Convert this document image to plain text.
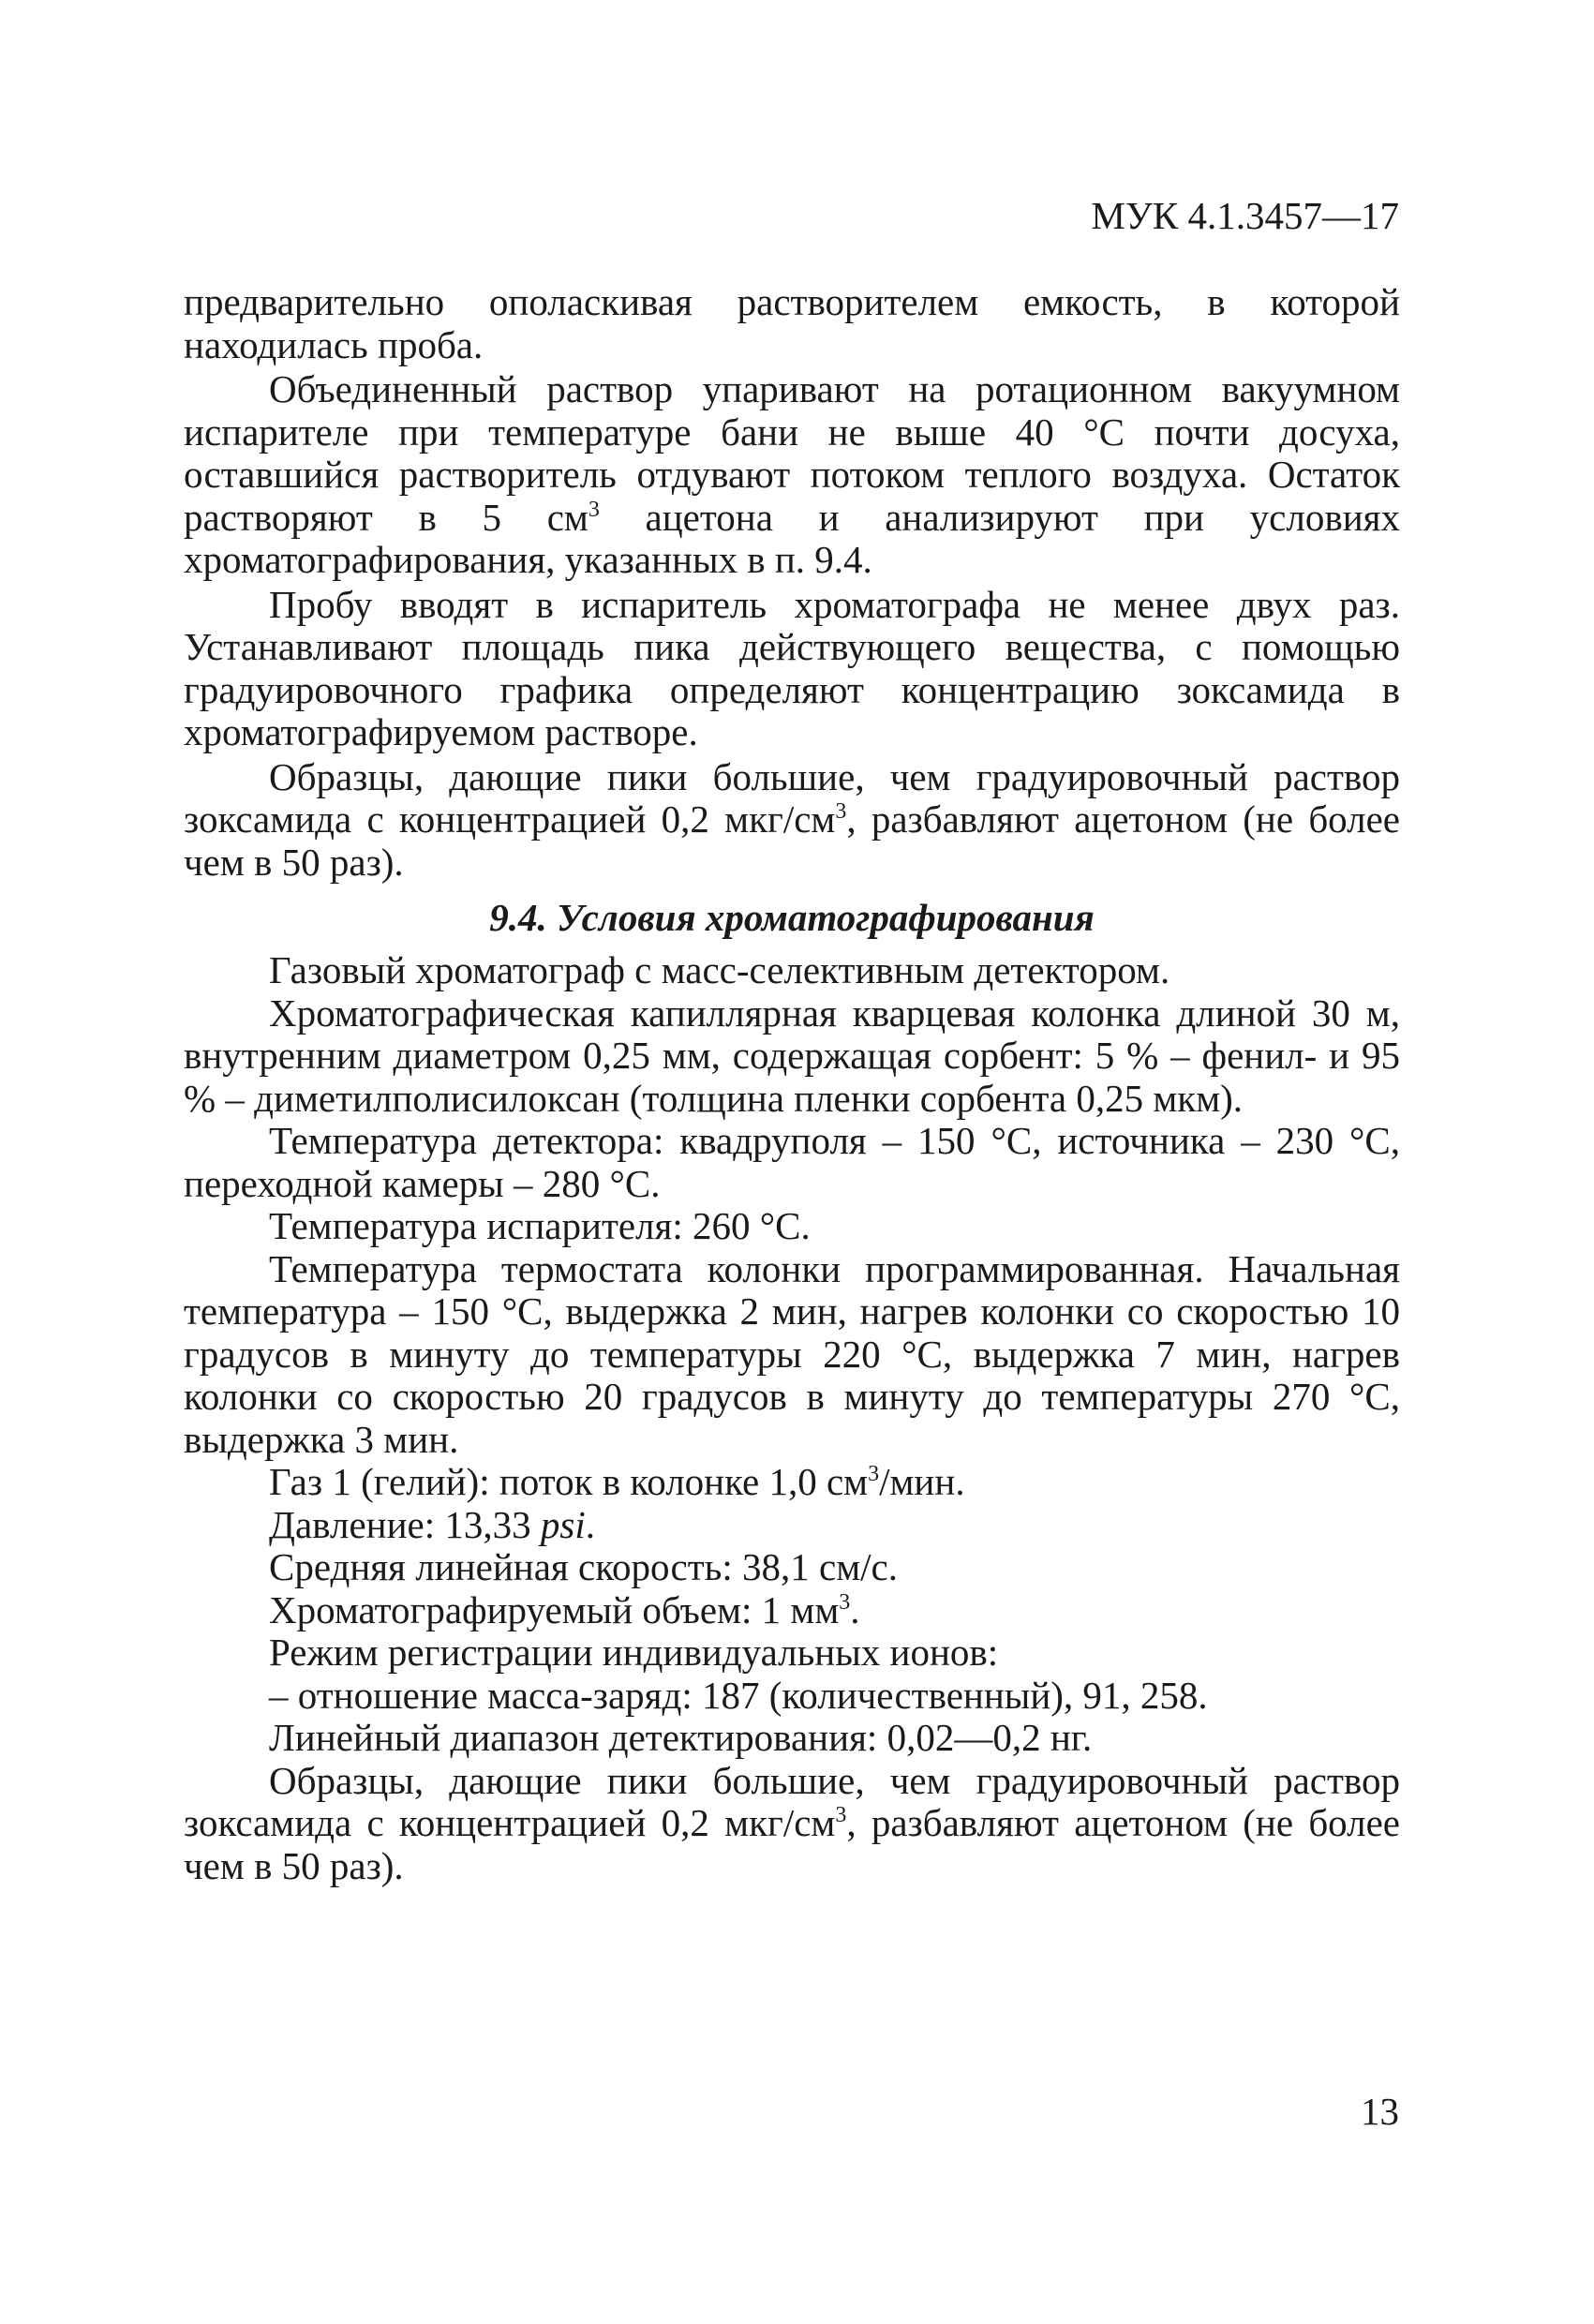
МУК 4.1.3457—17

предварительно ополаскивая растворителем емкость, в которой находилась проба.

Объединенный раствор упаривают на ротационном вакуумном испарителе при температуре бани не выше 40 °С почти досуха, оставшийся растворитель отдувают потоком теплого воздуха. Остаток растворяют в 5 $см^3$ ацетона и анализируют при условиях хроматографирования, указанных в п. 9.4.

Пробу вводят в испаритель хроматографа не менее двух раз. Устанавливают площадь пика действующего вещества, с помощью градуировочного графика определяют концентрацию зоксамида в хроматографируемом растворе.

Образцы, дающие пики большие, чем градуировочный раствор зоксамида с концентрацией 0,2 мкг/$см^3$, разбавляют ацетоном (не более чем в 50 раз).

9.4. Условия хроматографирования

Газовый хроматограф с масс-селективным детектором.

Хроматографическая капиллярная кварцевая колонка длиной 30 м, внутренним диаметром 0,25 мм, содержащая сорбент: 5 % – фенил- и 95 % – диметилполисилоксан (толщина пленки сорбента 0,25 мкм).

Температура детектора: квадруполя – 150 °С, источника – 230 °С, переходной камеры – 280 °С.

Температура испарителя: 260 °С.

Температура термостата колонки программированная. Начальная температура – 150 °С, выдержка 2 мин, нагрев колонки со скоростью 10 градусов в минуту до температуры 220 °С, выдержка 7 мин, нагрев колонки со скоростью 20 градусов в минуту до температуры 270 °С, выдержка 3 мин.

Газ 1 (гелий): поток в колонке 1,0 $см^3$/мин.

Давление: 13,33 psi.

Средняя линейная скорость: 38,1 см/с.

Хроматографируемый объем: 1 $мм^3$.

Режим регистрации индивидуальных ионов:

– отношение масса-заряд: 187 (количественный), 91, 258.

Линейный диапазон детектирования: 0,02—0,2 нг.

Образцы, дающие пики большие, чем градуировочный раствор зоксамида с концентрацией 0,2 мкг/$см^3$, разбавляют ацетоном (не более чем в 50 раз).

13
